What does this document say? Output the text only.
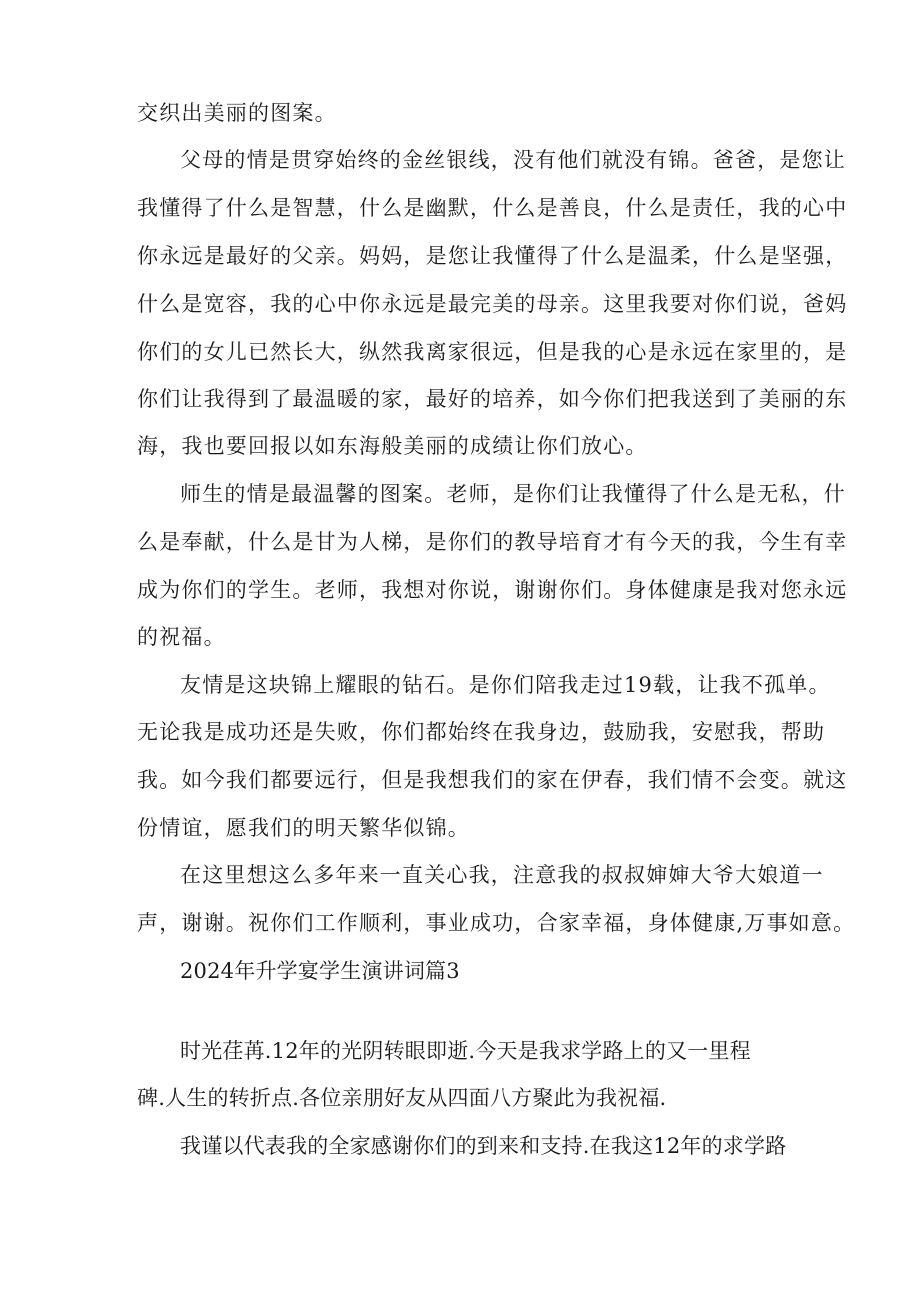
交织出美丽的图案。
父母的情是贯穿始终的金丝银线，没有他们就没有锦。爸爸，是您让
我懂得了什么是智慧，什么是幽默，什么是善良，什么是责任，我的心中
你永远是最好的父亲。妈妈，是您让我懂得了什么是温柔，什么是坚强，
什么是宽容，我的心中你永远是最完美的母亲。这里我要对你们说，爸妈
你们的女儿已然长大，纵然我离家很远，但是我的心是永远在家里的，是
你们让我得到了最温暖的家，最好的培养，如今你们把我送到了美丽的东
海，我也要回报以如东海般美丽的成绩让你们放心。
师生的情是最温馨的图案。老师，是你们让我懂得了什么是无私，什
么是奉献，什么是甘为人梯，是你们的教导培育才有今天的我，今生有幸
成为你们的学生。老师，我想对你说，谢谢你们。身体健康是我对您永远
的祝福。
友情是这块锦上耀眼的钻石。是你们陪我走过19载，让我不孤单。
无论我是成功还是失败，你们都始终在我身边，鼓励我，安慰我，帮助
我。如今我们都要远行，但是我想我们的家在伊春，我们情不会变。就这
份情谊，愿我们的明天繁华似锦。
在这里想这么多年来一直关心我，注意我的叔叔婶婶大爷大娘道一
声，谢谢。祝你们工作顺利，事业成功，合家幸福，身体健康,万事如意。
2024年升学宴学生演讲词篇3
时光荏苒.12年的光阴转眼即逝.今天是我求学路上的又一里程
碑.人生的转折点.各位亲朋好友从四面八方聚此为我祝福.
我谨以代表我的全家感谢你们的到来和支持.在我这12年的求学路
